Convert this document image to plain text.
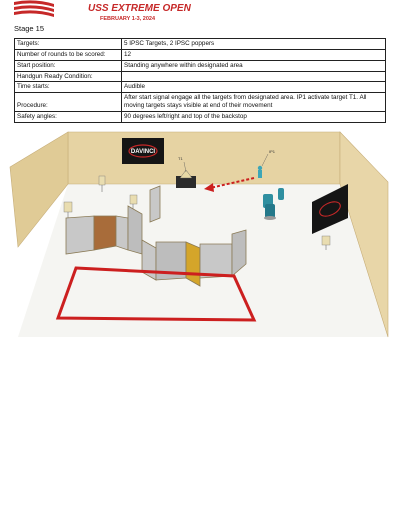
USS EXTREME OPEN
FEBRUARY 1-3, 2024
Stage 15
Targets:	5 IPSC Targets, 2 IPSC poppers
Number of rounds to be scored:	12
Start position:	Standing anywhere within designated area
Handgun Ready Condition:	
Time starts:	Audible
Procedure:	After start signal engage all the targets from designated area. IP1 activate target T1. All moving targets stays visible at end of their movement
Safety angles:	90 degrees left/right and top of the backstop
DAVINCI
T1
IP1
